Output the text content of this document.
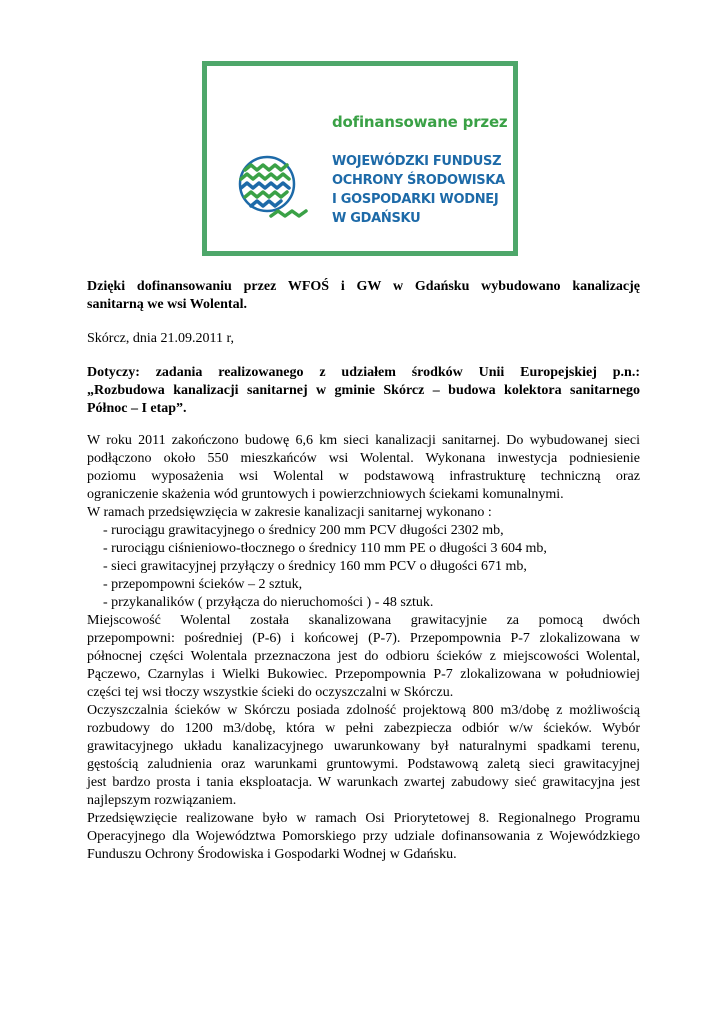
dofinansowane przez
WOJEWÓDZKI FUNDUSZ
OCHRONY ŚRODOWISKA
I GOSPODARKI WODNEJ
W GDAŃSKU
Dzięki dofinansowaniu przez WFOŚ i GW w Gdańsku wybudowano kanalizację
sanitarną we wsi Wolental.
Skórcz, dnia 21.09.2011 r,
Dotyczy: zadania realizowanego z udziałem środków Unii Europejskiej p.n.:
„Rozbudowa kanalizacji sanitarnej w gminie Skórcz – budowa kolektora sanitarnego
Północ – I etap”.
W roku 2011 zakończono budowę 6,6 km sieci kanalizacji sanitarnej. Do wybudowanej sieci
podłączono około 550 mieszkańców wsi Wolental. Wykonana inwestycja podniesienie
poziomu wyposażenia wsi Wolental w podstawową infrastrukturę techniczną oraz
ograniczenie skażenia wód gruntowych i powierzchniowych ściekami komunalnymi.
W ramach przedsięwzięcia w zakresie kanalizacji sanitarnej wykonano :
- rurociągu grawitacyjnego o średnicy 200 mm PCV długości 2302 mb,
- rurociągu ciśnieniowo-tłocznego o średnicy 110 mm PE o długości 3 604 mb,
- sieci grawitacyjnej przyłączy o średnicy 160 mm PCV o długości 671 mb,
- przepompowni ścieków – 2 sztuk,
- przykanalików ( przyłącza do nieruchomości ) - 48 sztuk.
Miejscowość Wolental została skanalizowana grawitacyjnie za pomocą dwóch
przepompowni: pośredniej (P-6) i końcowej (P-7). Przepompownia P-7 zlokalizowana w
północnej części Wolentala przeznaczona jest do odbioru ścieków z miejscowości Wolental,
Pączewo, Czarnylas i Wielki Bukowiec. Przepompownia P-7 zlokalizowana w południowiej
części tej wsi tłoczy wszystkie ścieki do oczyszczalni w Skórczu.
Oczyszczalnia ścieków w Skórczu posiada zdolność projektową 800 m3/dobę z możliwością
rozbudowy do 1200 m3/dobę, która w pełni zabezpiecza odbiór w/w ścieków. Wybór
grawitacyjnego układu kanalizacyjnego uwarunkowany był naturalnymi spadkami terenu,
gęstością zaludnienia oraz warunkami gruntowymi. Podstawową zaletą sieci grawitacyjnej
jest bardzo prosta i tania eksploatacja. W warunkach zwartej zabudowy sieć grawitacyjna jest
najlepszym rozwiązaniem.
Przedsięwzięcie realizowane było w ramach Osi Priorytetowej 8. Regionalnego Programu
Operacyjnego dla Województwa Pomorskiego przy udziale dofinansowania z Wojewódzkiego
Funduszu Ochrony Środowiska i Gospodarki Wodnej w Gdańsku.
